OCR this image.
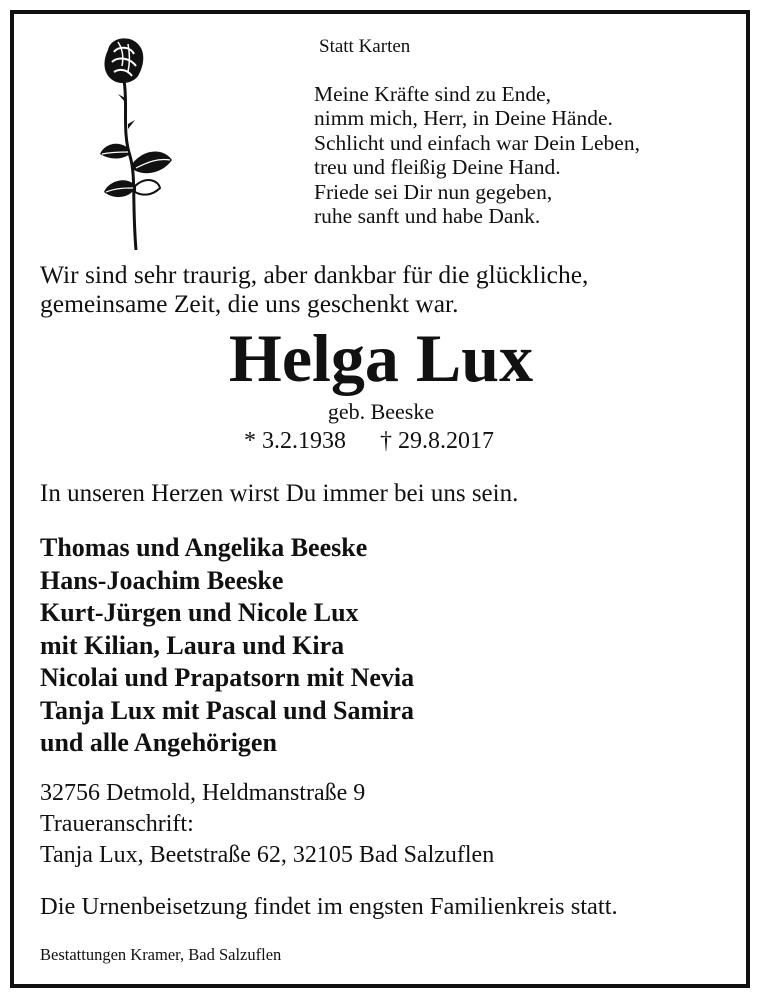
Statt Karten
Meine Kräfte sind zu Ende,
nimm mich, Herr, in Deine Hände.
Schlicht und einfach war Dein Leben,
treu und fleißig Deine Hand.
Friede sei Dir nun gegeben,
ruhe sanft und habe Dank.
Wir sind sehr traurig, aber dankbar für die glückliche,
gemeinsame Zeit, die uns geschenkt war.
Helga Lux
geb. Beeske
* 3.2.1938 † 29.8.2017
In unseren Herzen wirst Du immer bei uns sein.
Thomas und Angelika Beeske
Hans-Joachim Beeske
Kurt-Jürgen und Nicole Lux
mit Kilian, Laura und Kira
Nicolai und Prapatsorn mit Nevia
Tanja Lux mit Pascal und Samira
und alle Angehörigen
32756 Detmold, Heldmanstraße 9
Traueranschrift:
Tanja Lux, Beetstraße 62, 32105 Bad Salzuflen
Die Urnenbeisetzung findet im engsten Familienkreis statt.
Bestattungen Kramer, Bad Salzuflen
